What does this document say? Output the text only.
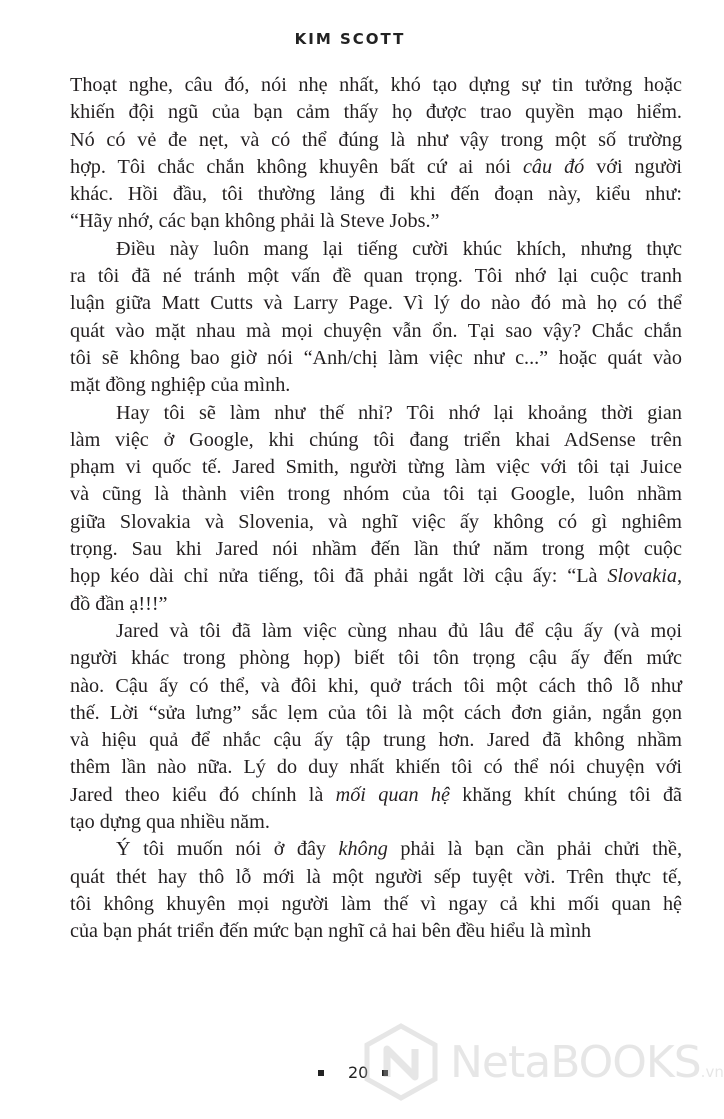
KIM SCOTT
Thoạt nghe, câu đó, nói nhẹ nhất, khó tạo dựng sự tin tưởng hoặc
khiến đội ngũ của bạn cảm thấy họ được trao quyền mạo hiểm.
Nó có vẻ đe nẹt, và có thể đúng là như vậy trong một số trường
hợp. Tôi chắc chắn không khuyên bất cứ ai nói câu đó với người
khác. Hồi đầu, tôi thường lảng đi khi đến đoạn này, kiểu như:
“Hãy nhớ, các bạn không phải là Steve Jobs.”
Điều này luôn mang lại tiếng cười khúc khích, nhưng thực
ra tôi đã né tránh một vấn đề quan trọng. Tôi nhớ lại cuộc tranhluận giữa Matt Cutts và Larry Page. Vì lý do nào đó mà họ có thể
quát vào mặt nhau mà mọi chuyện vẫn ổn. Tại sao vậy? Chắc chắn
tôi sẽ không bao giờ nói “Anh/chị làm việc như c...” hoặc quát vào
mặt đồng nghiệp của mình.
Hay tôi sẽ làm như thế nhỉ? Tôi nhớ lại khoảng thời gian
làm việc ở Google, khi chúng tôi đang triển khai AdSense trên
phạm vi quốc tế. Jared Smith, người từng làm việc với tôi tại Juice
và cũng là thành viên trong nhóm của tôi tại Google, luôn nhầm
giữa Slovakia và Slovenia, và nghĩ việc ấy không có gì nghiêm
trọng. Sau khi Jared nói nhầm đến lần thứ năm trong một cuộc
họp kéo dài chỉ nửa tiếng, tôi đã phải ngắt lời cậu ấy: “Là Slovakia,
đồ đần ạ!!!”
Jared và tôi đã làm việc cùng nhau đủ lâu để cậu ấy (và mọi
người khác trong phòng họp) biết tôi tôn trọng cậu ấy đến mứcnào. Cậu ấy có thể, và đôi khi, quở trách tôi một cách thô lỗ nhưthế. Lời “sửa lưng” sắc lẹm của tôi là một cách đơn giản, ngắn gọnvà hiệu quả để nhắc cậu ấy tập trung hơn. Jared đã không nhầmthêm lần nào nữa. Lý do duy nhất khiến tôi có thể nói chuyện vớiJared theo kiểu đó chính là mối quan hệ khăng khít chúng tôi đã
tạo dựng qua nhiều năm.
Ý tôi muốn nói ở đây không phải là bạn cần phải chửi thề,
quát thét hay thô lỗ mới là một người sếp tuyệt vời. Trên thực tế,
tôi không khuyên mọi người làm thế vì ngay cả khi mối quan hệ
của bạn phát triển đến mức bạn nghĩ cả hai bên đều hiểu là mình
20 NetaBOOKS.vn
